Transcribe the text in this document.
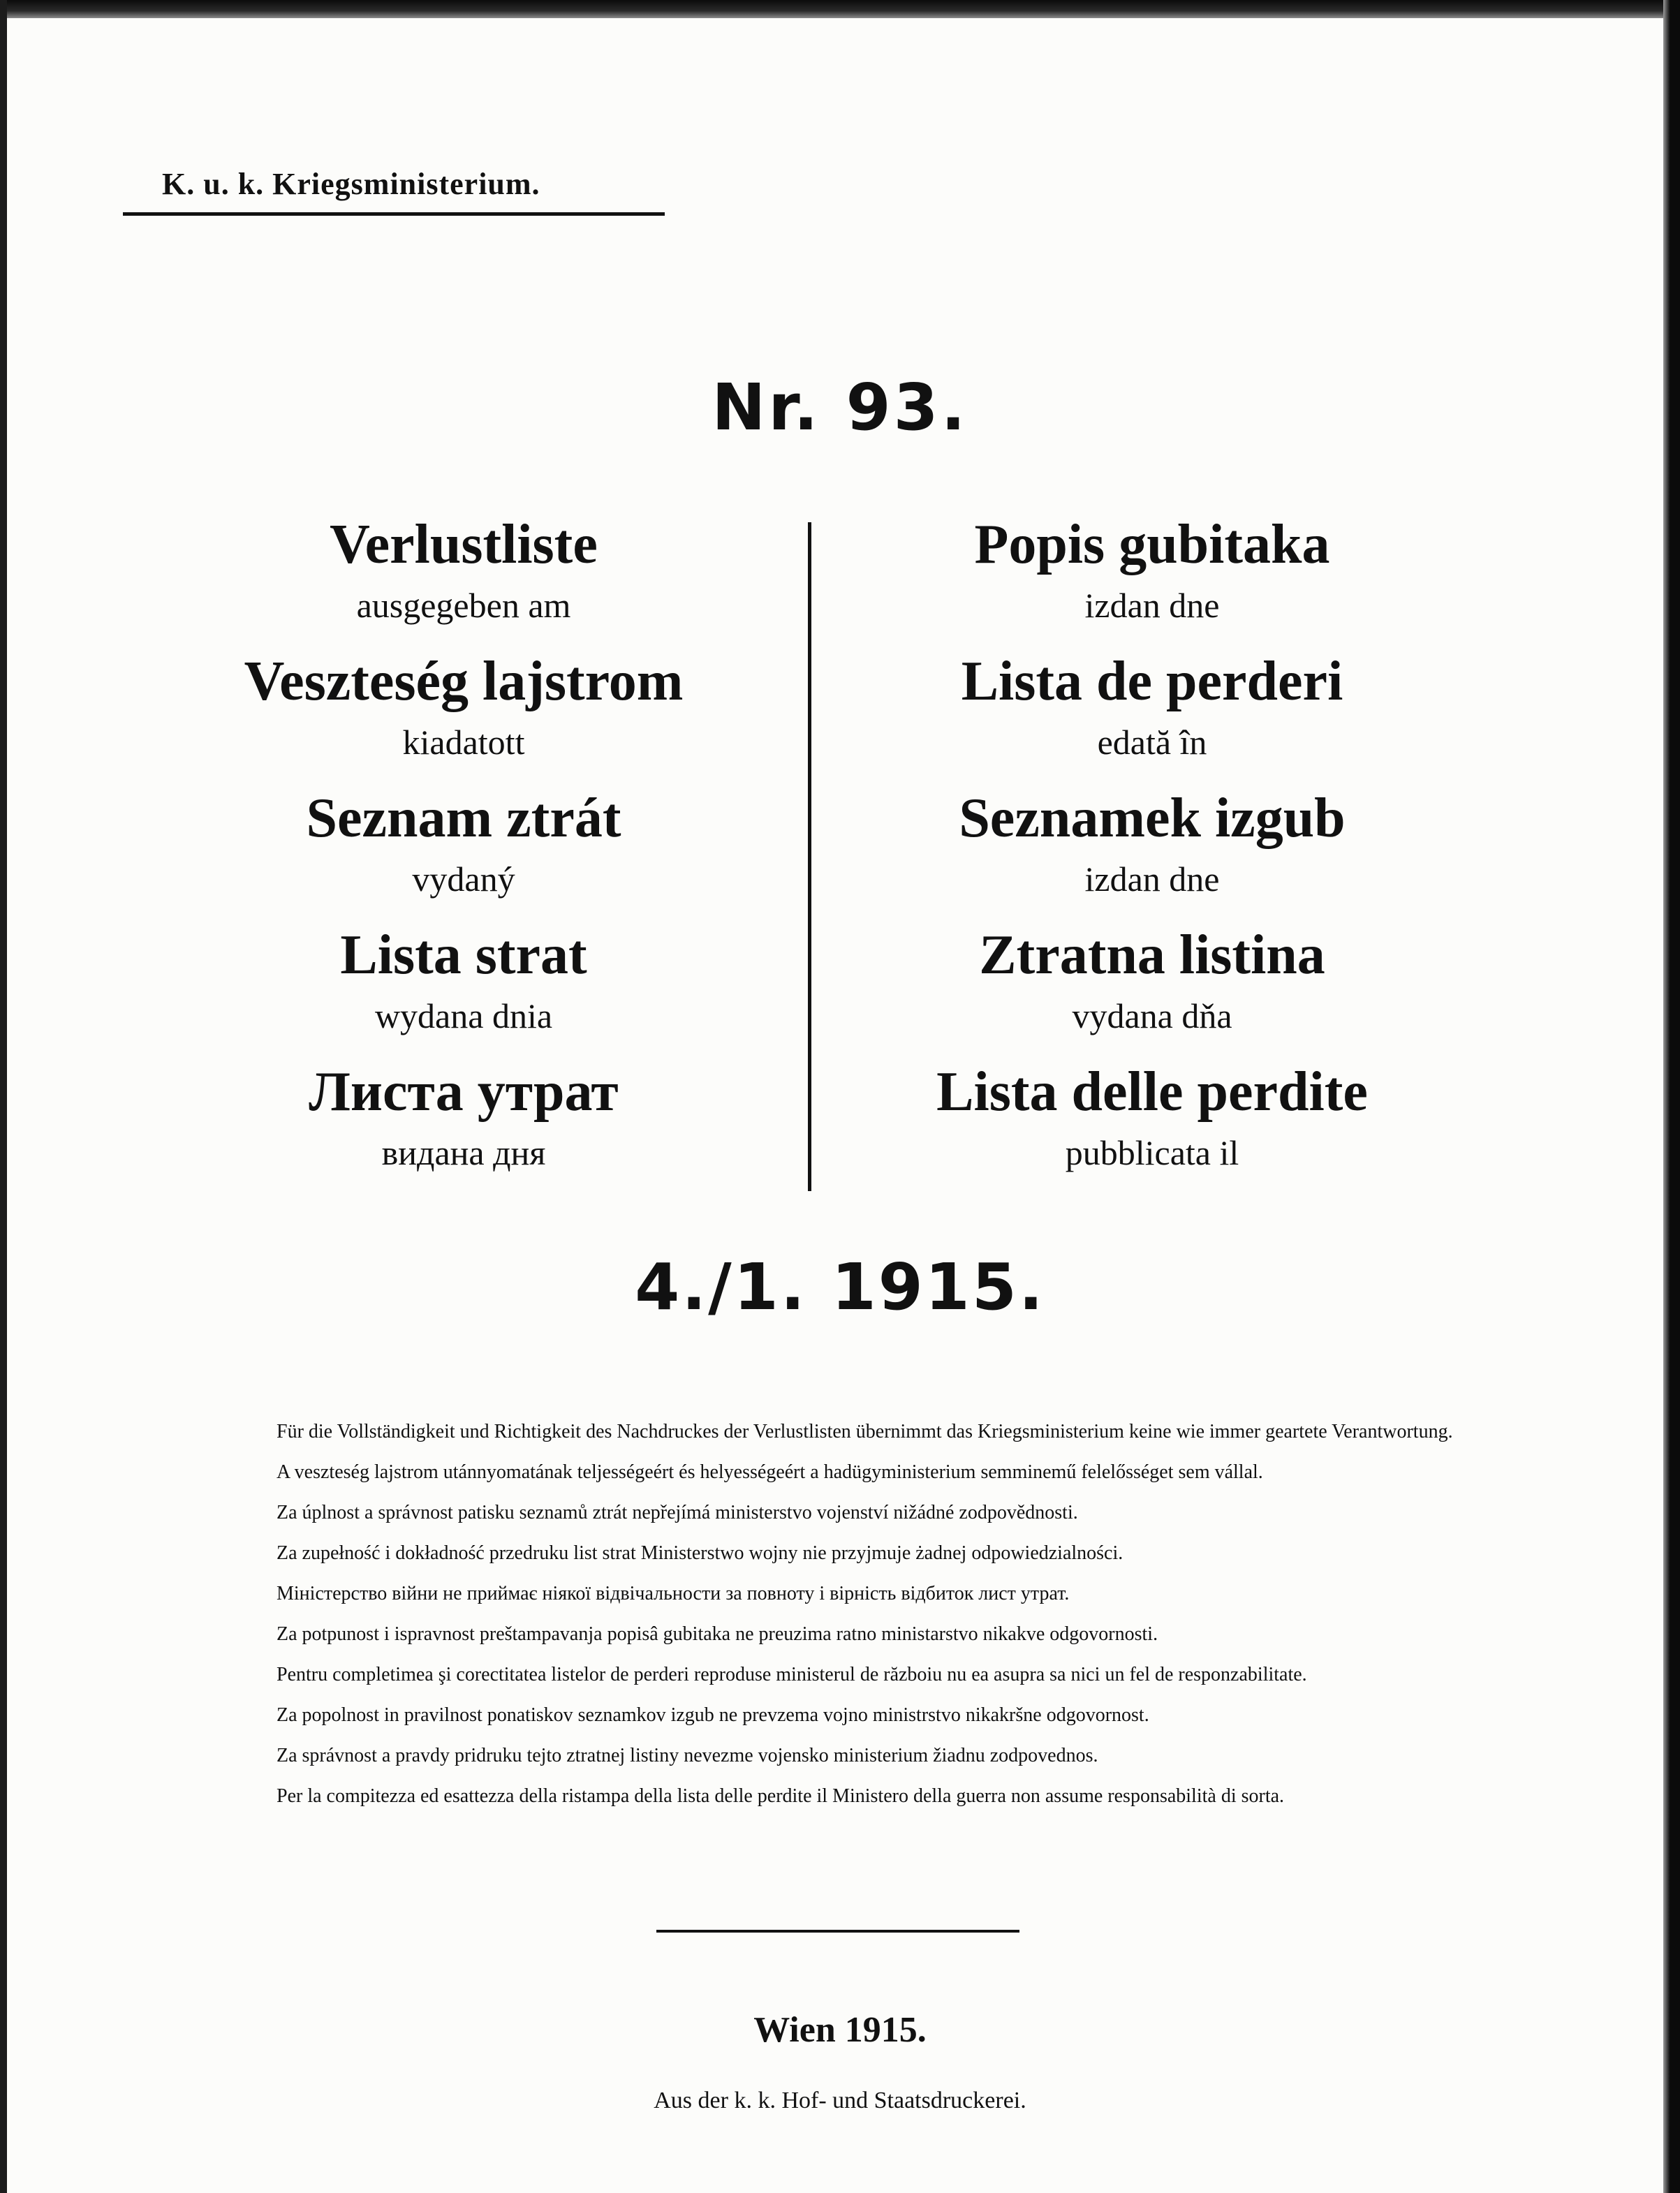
K. u. k. Kriegsministerium.
Nr. 93.
Verlustliste
ausgegeben am
Veszteség lajstrom
kiadatott
Seznam ztrát
vydaný
Lista strat
wydana dnia
Листа утрат
видана дня
Popis gubitaka
izdan dne
Lista de perderi
edată în
Seznamek izgub
izdan dne
Ztratna listina
vydana dňa
Lista delle perdite
pubblicata il
4./1. 1915.

Für die Vollständigkeit und Richtigkeit des Nachdruckes der Verlustlisten übernimmt das Kriegsministerium keine wie immer geartete Verantwortung.

A veszteség lajstrom utánnyomatának teljességeért és helyességeért a hadügyministerium semminemű felelősséget sem vállal.

Za úplnost a správnost patisku seznamů ztrát nepřejímá ministerstvo vojenství nižádné zodpovědnosti.

Za zupełność i dokładność przedruku list strat Ministerstwo wojny nie przyjmuje żadnej odpowiedzialności.

Міністерство війни не приймає ніякої відвічальности за повноту і вірність відбиток лист утрат.

Za potpunost i ispravnost preštampavanja popisâ gubitaka ne preuzima ratno ministarstvo nikakve odgovornosti.

Pentru completimea şi corectitatea listelor de perderi reproduse ministerul de războiu nu ea asupra sa nici un fel de responzabilitate.

Za popolnost in pravilnost ponatiskov seznamkov izgub ne prevzema vojno ministrstvo nikakršne odgovornost.

Za správnost a pravdy pridruku tejto ztratnej listiny nevezme vojensko ministerium žiadnu zodpovednos.

Per la compitezza ed esattezza della ristampa della lista delle perdite il Ministero della guerra non assume responsabilità di sorta.

Wien 1915.
Aus der k. k. Hof- und Staatsdruckerei.
